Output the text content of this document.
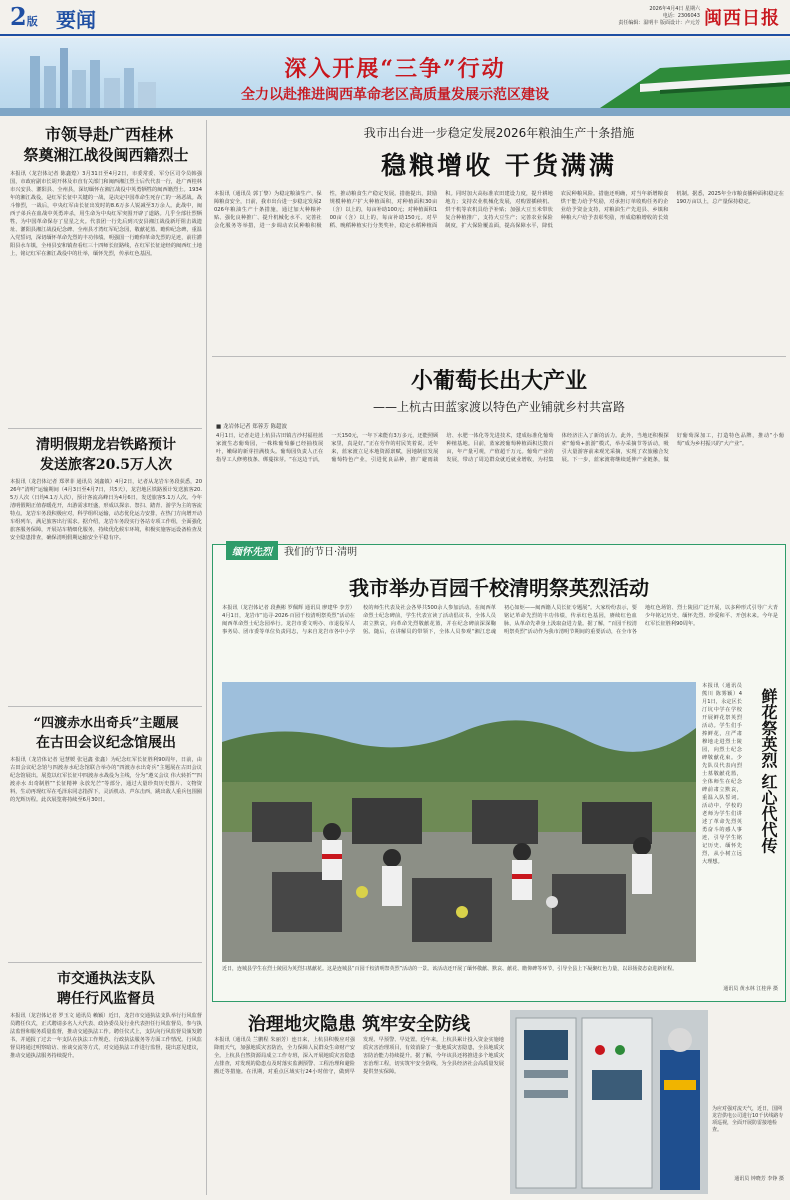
2版 要闻	2026年4月4日 星期六
电话：2306043
责任编辑：温明丰 版面设计：卢元芳 闽西日报
深入开展“三争”行动
全力以赴推进闽西革命老区高质量发展示范区建设
市领导赴广西桂林
祭奠湘江战役闽西籍烈士
本报讯（龙岩体记者 陈鑫煌）3月31日至4月2日，市委常委、军分区司令员韩强国，市政府副市长胡开林及市直有关部门和闽西湘江烈士后代代表一行，赴广西桂林市兴安县、灌阳县、全州县，深切缅怀在湘江战役中英勇牺牲的闽西籍烈士。1934年的湘江战役，是红军长征中关键的一战，是决定中国革命生死存亡的一场恶战。战斗惨烈，一战后，中央红军由长征出发时的8.6万多人锐减至3万余人。此战中，闽西子弟兵在血战中英勇冲杀，用生命为中央红军突围开辟了道路。几乎全部壮烈牺牲，为中国革命保存了星星之火。代表团一行先后到兴安县湘江战役新圩阻击战遗址、灌阳县湘江战役纪念碑、全州县才湾红军纪念园，敬献花篮、瞻仰纪念碑，重温入党誓词，深切缅怀革命先烈的丰功伟绩。明强国一行瞻仰革命先烈的足迹，前往灌阳县水车镇，全州县安和镇查看红三十四师长征路线，在红军长征途经的闽西红土地上，铭记红军在湘江战役中的壮举，缅怀先烈，传承红色基因。
清明假期龙岩铁路预计
发送旅客20.5万人次
本报讯（龙岩体记者 郑翠菲 通讯员 刘鑫镇）4月2日，记者从龙岩车务段获悉，2026年“清明”运输期间（4月3日至4月7日，共5天），龙岩地区铁路预计发送旅客20.5万人次（日均4.1万人次），预计客流高峰日为4月6日，发送旅客5.1万人次。今年清明假期正值春暖花开，出游需求旺盛，形成以探亲、祭扫、踏青、游学为主的客流特点。龙岩车务段积极应对，科学组织运输，动态优化运力安排，在热门方向增开动车组列车，满足旅客出行需求。据介绍，龙岩车务段实行各站专项工作组，全面强化旅客服务保障，开展站车精细化服务，持续优化候车环境，积极实施客运设备检查及安全隐患排查，确保清明假期运输安全平稳有序。
“四渡赤水出奇兵”主题展
在古田会议纪念馆展出
本报讯（龙岩体记者 冠慧媛 张冠鑫 张鑫）为纪念红军长征胜利90周年，日前，由古田会议纪念馆与四渡赤水纪念馆联合举办的“四渡赤水出奇兵”主题展在古田会议纪念馆展出。展览以红军长征中四渡赤水战役为主线，分为“遵义会议 伟大转折”“四渡赤水 出奇制胜”“长征精神 永放光芒”等部分，通过大量珍贵历史图片、文物资料，生动再现红军在毛泽东同志指挥下，灵活机动、声东击西，跳出敌人重兵包围圈的光辉历程。此次展览将持续至6月30日。
市交通执法支队
聘任行风监督员
本报讯（龙岩体记者 罗玉文 通讯员 赖颖）近日，龙岩市交通执法支队举行行风监督员聘任仪式，正式聘请多名人大代表、政协委员及行业代表担任行风监督员，参与执法监督和服务质量监督，推动交通执法工作。聘任仪式上，支队向行风监督员颁发聘书，并通报了过去一年支队在执法工作规范、行政执法服务等方面工作情况。行风监督员将通过明察暗访、座谈交流等方式，对交通执法工作进行监督，提出意见建议，推动交通执法服务持续提升。
我市出台进一步稳定发展2026年粮油生产十条措施
稳粮增收 干货满满
本报讯（通讯员 郭丁黎）为稳定粮油生产、保障粮食安全，日前，我市出台进一步稳定发展2026年粮油生产十条措施，通过加大种粮补贴、强化良种推广、提升机械化水平、完善社会化服务等举措，进一步调动农民种粮积极性，推动粮食生产稳定发展。措施提出，鼓励规模种植户扩大种植面积，对种植面积30亩（含）以上的，每亩补助100元；对种植面积100亩（含）以上的，每亩补助150元。对早稻、晚稻种植实行分类奖补，稳定水稻种植面积。同时加大高标准农田建设力度，提升耕地地力；支持农业机械化发展，对购置插秧机、烘干机等农机具给予补贴；加强大豆玉米带状复合种植推广，支持大豆生产；完善农业保险制度，扩大保险覆盖面，提高保障水平，降低农民种粮风险。措施还明确，对当年新增粮食烘干能力给予奖励，对承担订单收购任务的企业给予资金支持，对粮油生产先进县、乡镇和种粮大户给予表彰奖励，形成稳粮增收的长效机制。据悉，2025年全市粮食播种面积稳定在190万亩以上，总产量保持稳定。
小葡萄长出大产业
——上杭古田蓝家渡以特色产业铺就乡村共富路
■ 龙岩体记者 郑蓉芳 陈超波
4月1日，记者走进上杭县古田镇吉沙村福桂蓝家渡生态葡萄园，一株株葡萄藤已经抽枝展叶，嫩绿的新芽挂满枝头。葡萄园负责人正在指导工人修剪枝条、绑蔓抹芽。“在这边干活，一天150元，一年下来能有3万多元，还能照顾家里，真是好。”正在劳作的村民笑着说。近年来，蓝家渡立足本地资源禀赋，因地制宜发展葡萄特色产业，引进优良品种，推广避雨栽培、水肥一体化等先进技术，建成标准化葡萄种植基地。目前，蓝家渡葡萄种植面积达数百亩，年产量可观，产值超千万元。葡萄产业的发展，带动了周边群众就近就业增收，为村集体经济注入了新的活力。此外，当地还积极探索“葡萄+旅游”模式，举办采摘节等活动，吸引大量游客前来观光采摘，实现了农旅融合发展。下一步，蓝家渡将继续延伸产业链条，做好葡萄深加工，打造特色品牌，推动“小葡萄”成为乡村振兴的“大产业”。
缅怀先烈	我们的节日·清明
我市举办百园千校清明祭英烈活动
本报讯（龙岩体记者 段燕彬 罗佩辉 通讯员 廖建华 李芳）4月1日，龙岩市“追寻·2026·百园千校清明祭英烈”活动在闽西革命烈士纪念园举行。龙岩市委文明办、市退役军人事务局、团市委等单位负责同志，与来自龙岩市各中小学校的师生代表及社会各界共500余人参加活动。在闽西革命烈士纪念碑前，学生代表宣读了活动倡议书，全体人员肃立默哀，向革命先烈敬献花篮，并在纪念碑前深深鞠躬。随后，在讲解员的带领下，全体人员参观“湘江忠魂 初心如炬——闽西籍人员长征专题展”。大家纷纷表示，要铭记革命先烈的丰功伟绩，传承红色基因，赓续红色血脉，从革命先辈身上汲取奋进力量。据了解，“百园千校清明祭英烈”活动作为我市清明节期间的重要活动，在全市各地红色场馆、烈士陵园广泛开展，以多种形式引导广大青少年铭记历史、缅怀先烈、珍爱和平、开创未来。今年是红军长征胜利90周年。
近日，连城县学生在烈士陵园为英烈扫墓献花。这是连城县“百园千校清明祭英烈”活动的一景。该活动还开展了缅怀敬献、默哀、献花、瞻仰碑等环节，引导全县上下凝聚红色力量，以昂扬姿态奋进新征程。
通讯员 黄水林 江桂萍 摄
本报讯（通讯员 熊川 陈雾颖）4月1日，永定区长汀坑中学在学校开展鲜花祭英烈活动。学生们手捧鲜花，庄严肃穆地走进烈士陵园，向烈士纪念碑敬献花束。少先队员代表向烈士墓敬献花篮，全体师生在纪念碑前肃立默哀，重温入队誓词。活动中，学校的老师为学生们讲述了革命先烈英勇奋斗的感人事迹，引导学生铭记历史、缅怀先烈，从小树立远大理想。
鲜花祭英烈 红心代代传
治理地灾隐患 筑牢安全防线
本报讯（通讯员 兰鹏程 朱丽芳）连日来，上杭县积极应对强降雨天气，加强地质灾害防治，全力保障人民群众生命财产安全。上杭县自然资源局成立工作专班，深入开展地质灾害隐患点排查，对发现的隐患点及时落实监测预警、工程治理和避险搬迁等措施。在汛期，对重点区域实行24小时值守，做到早发现、早预警、早处置。近年来，上杭县累计投入资金实施地质灾害治理项目，有效消除了一批地质灾害隐患，全县地质灾害防治能力持续提升。据了解，今年该县还将推进多个地质灾害治理工程，切实筑牢安全防线，为全县经济社会高质量发展提供坚实保障。
为应对强对流天气，近日，国网龙岩供电公司进行10千伏线路专项巡视，全面开展防雷接地检查。
通讯员 钟晓芳 李铮 摄
